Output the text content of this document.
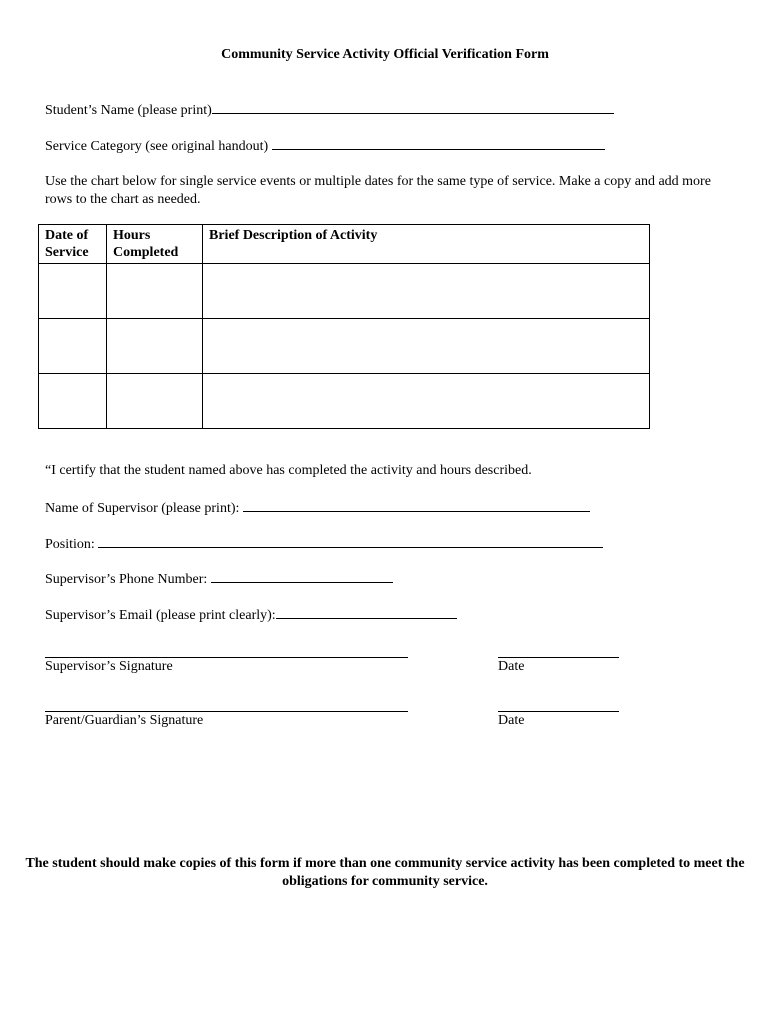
Community Service Activity Official Verification Form
Student’s Name (please print)
Service Category (see original handout)
Use the chart below for single service events or multiple dates for the same type of service. Make a copy and add more rows to the chart as needed.
Date of Service	Hours Completed	Brief Description of Activity

“I certify that the student named above has completed the activity and hours described.
Name of Supervisor (please print):
Position:
Supervisor’s Phone Number:
Supervisor’s Email (please print clearly):
Supervisor’s Signature	Date
Parent/Guardian’s Signature	Date
The student should make copies of this form if more than one community service activity has been completed to meet the obligations for community service.
